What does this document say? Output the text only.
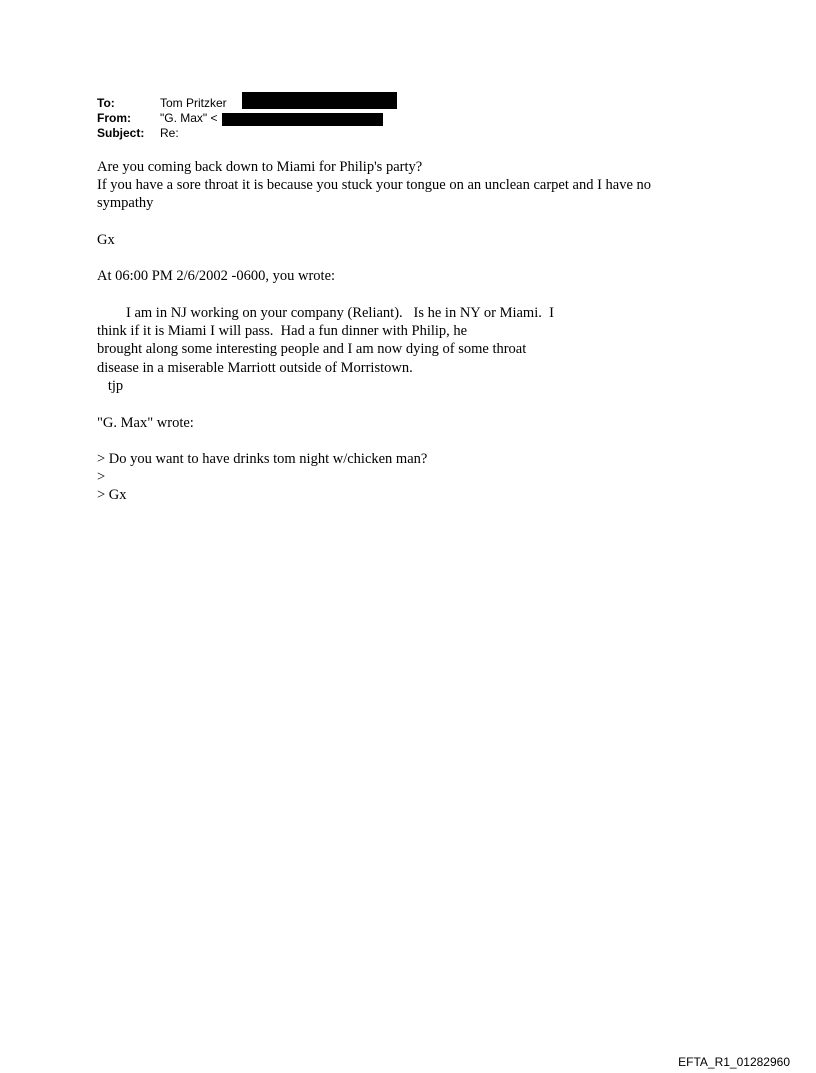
To:	Tom Pritzker
From:	"G. Max" <
Subject:	Re:
Are you coming back down to Miami for Philip's party?
If you have a sore throat it is because you stuck your tongue on an unclean carpet and I have no
sympathy
Gx
At 06:00 PM 2/6/2002 -0600, you wrote:
I am in NJ working on your company (Reliant).   Is he in NY or Miami.  I
think if it is Miami I will pass.  Had a fun dinner with Philip, he
brought along some interesting people and I am now dying of some throat
disease in a miserable Marriott outside of Morristown.
tjp
"G. Max" wrote:
> Do you want to have drinks tom night w/chicken man?
>
> Gx
EFTA_R1_01282960
